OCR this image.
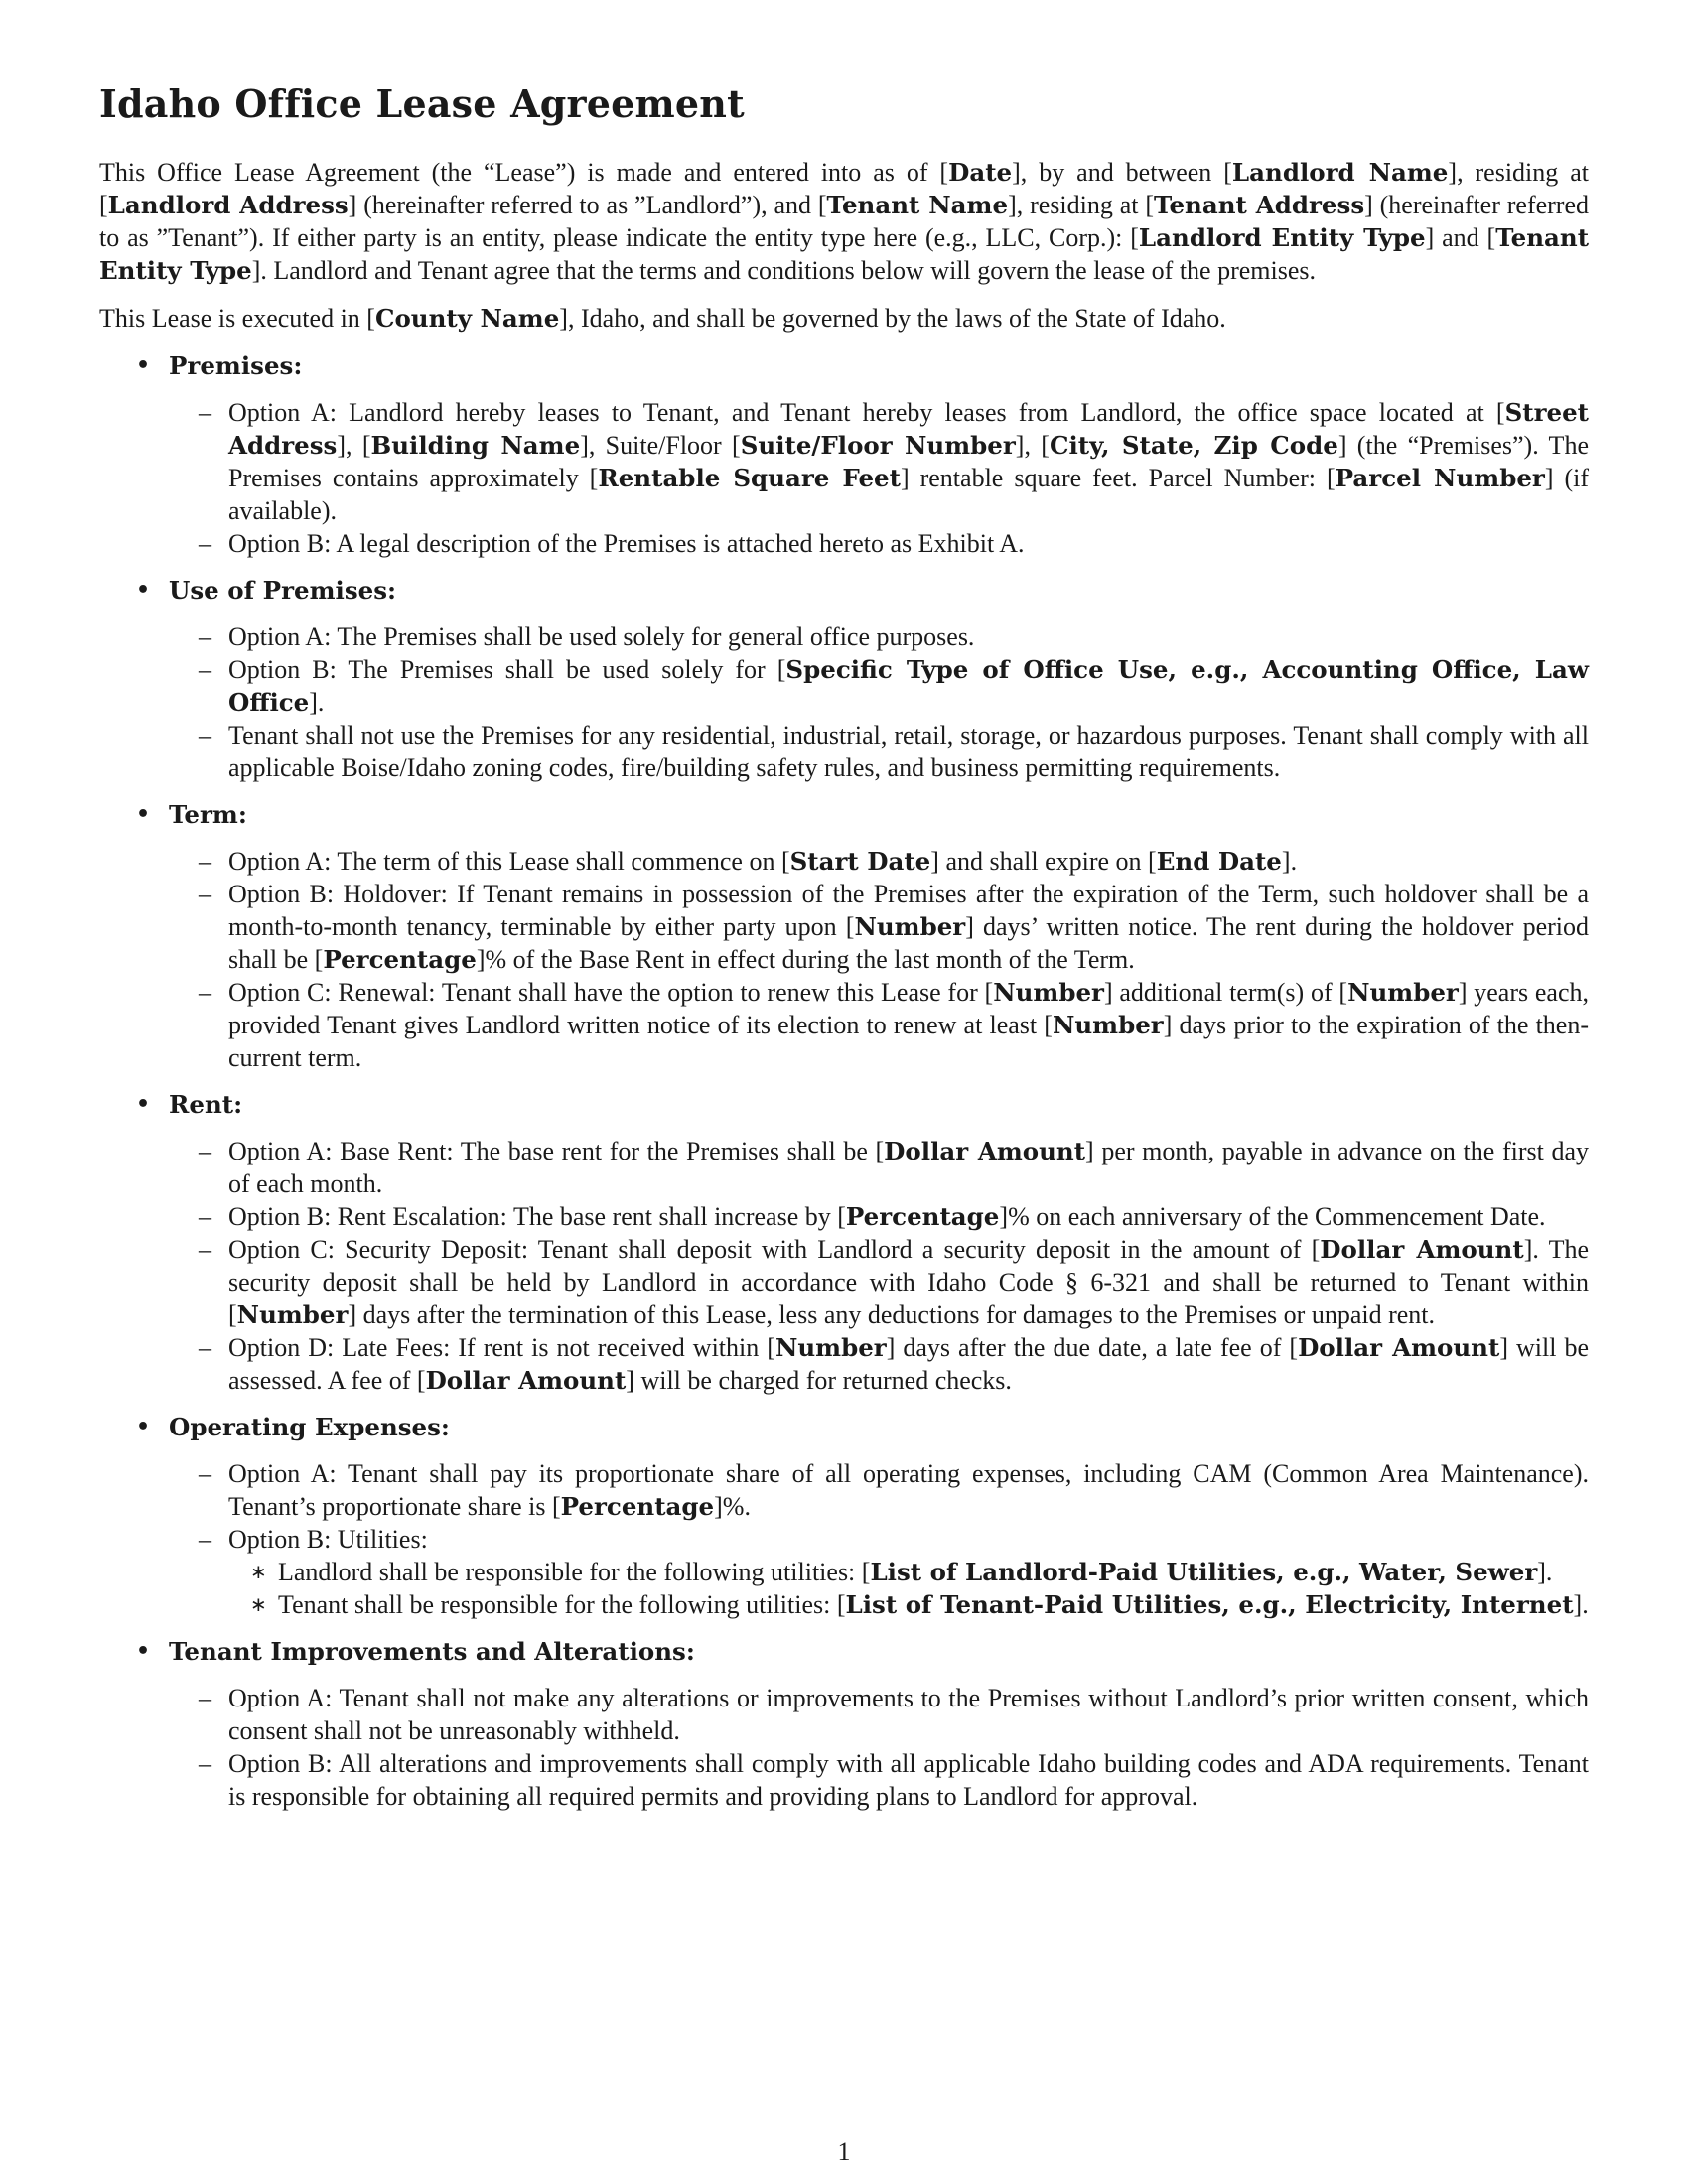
Idaho Office Lease Agreement

This Office Lease Agreement (the “Lease”) is made and entered into as of [Date], by and between [Landlord Name], residing at [Landlord Address] (hereinafter referred to as ”Landlord”), and [Tenant Name], residing at [Tenant Address] (hereinafter referred to as ”Tenant”). If either party is an entity, please indicate the entity type here (e.g., LLC, Corp.): [Landlord Entity Type] and [Tenant Entity Type]. Landlord and Tenant agree that the terms and conditions below will govern the lease of the premises.

This Lease is executed in [County Name], Idaho, and shall be governed by the laws of the State of Idaho.

• Premises:
– Option A: Landlord hereby leases to Tenant, and Tenant hereby leases from Landlord, the office space located at [Street Address], [Building Name], Suite/Floor [Suite/Floor Number], [City, State, Zip Code] (the “Premises”). The Premises contains approximately [Rentable Square Feet] rentable square feet. Parcel Number: [Parcel Number] (if available).
– Option B: A legal description of the Premises is attached hereto as Exhibit A.
• Use of Premises:
– Option A: The Premises shall be used solely for general office purposes.
– Option B: The Premises shall be used solely for [Specific Type of Office Use, e.g., Accounting Office, Law Office].
– Tenant shall not use the Premises for any residential, industrial, retail, storage, or hazardous purposes. Tenant shall comply with all applicable Boise/Idaho zoning codes, fire/building safety rules, and business permitting requirements.
• Term:
– Option A: The term of this Lease shall commence on [Start Date] and shall expire on [End Date].
– Option B: Holdover: If Tenant remains in possession of the Premises after the expiration of the Term, such holdover shall be a month-to-month tenancy, terminable by either party upon [Number] days’ written notice. The rent during the holdover period shall be [Percentage]% of the Base Rent in effect during the last month of the Term.
– Option C: Renewal: Tenant shall have the option to renew this Lease for [Number] additional term(s) of [Number] years each, provided Tenant gives Landlord written notice of its election to renew at least [Number] days prior to the expiration of the then-current term.
• Rent:
– Option A: Base Rent: The base rent for the Premises shall be [Dollar Amount] per month, payable in advance on the first day of each month.
– Option B: Rent Escalation: The base rent shall increase by [Percentage]% on each anniversary of the Commencement Date.
– Option C: Security Deposit: Tenant shall deposit with Landlord a security deposit in the amount of [Dollar Amount]. The security deposit shall be held by Landlord in accordance with Idaho Code § 6-321 and shall be returned to Tenant within [Number] days after the termination of this Lease, less any deductions for damages to the Premises or unpaid rent.
– Option D: Late Fees: If rent is not received within [Number] days after the due date, a late fee of [Dollar Amount] will be assessed. A fee of [Dollar Amount] will be charged for returned checks.
• Operating Expenses:
– Option A: Tenant shall pay its proportionate share of all operating expenses, including CAM (Common Area Maintenance). Tenant’s proportionate share is [Percentage]%.
– Option B: Utilities:
∗ Landlord shall be responsible for the following utilities: [List of Landlord-Paid Utilities, e.g., Water, Sewer].
∗ Tenant shall be responsible for the following utilities: [List of Tenant-Paid Utilities, e.g., Electricity, Internet].
• Tenant Improvements and Alterations:
– Option A: Tenant shall not make any alterations or improvements to the Premises without Landlord’s prior written consent, which consent shall not be unreasonably withheld.
– Option B: All alterations and improvements shall comply with all applicable Idaho building codes and ADA requirements. Tenant is responsible for obtaining all required permits and providing plans to Landlord for approval.
1
